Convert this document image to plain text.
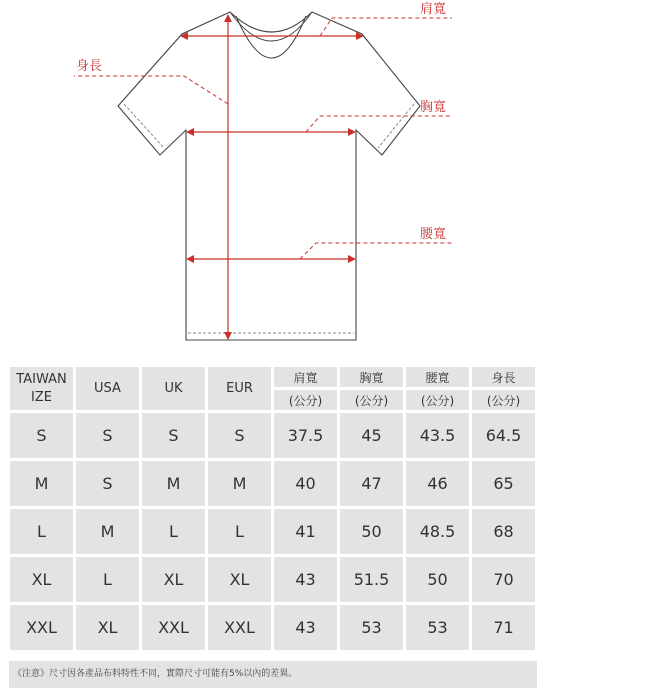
肩寬
胸寬
腰寬
身長
TAIWAN
IZE	USA	UK	EUR	肩寬	胸寬	腰寬	身長
				(公分)	(公分)	(公分)	(公分)
S	S	S	S	37.5	45	43.5	64.5
M	S	M	M	40	47	46	65
L	M	L	L	41	50	48.5	68
XL	L	XL	XL	43	51.5	50	70
XXL	XL	XXL	XXL	43	53	53	71
《注意》尺寸因各產品布料特性不同，實際尺寸可能有5%以內的差異。
